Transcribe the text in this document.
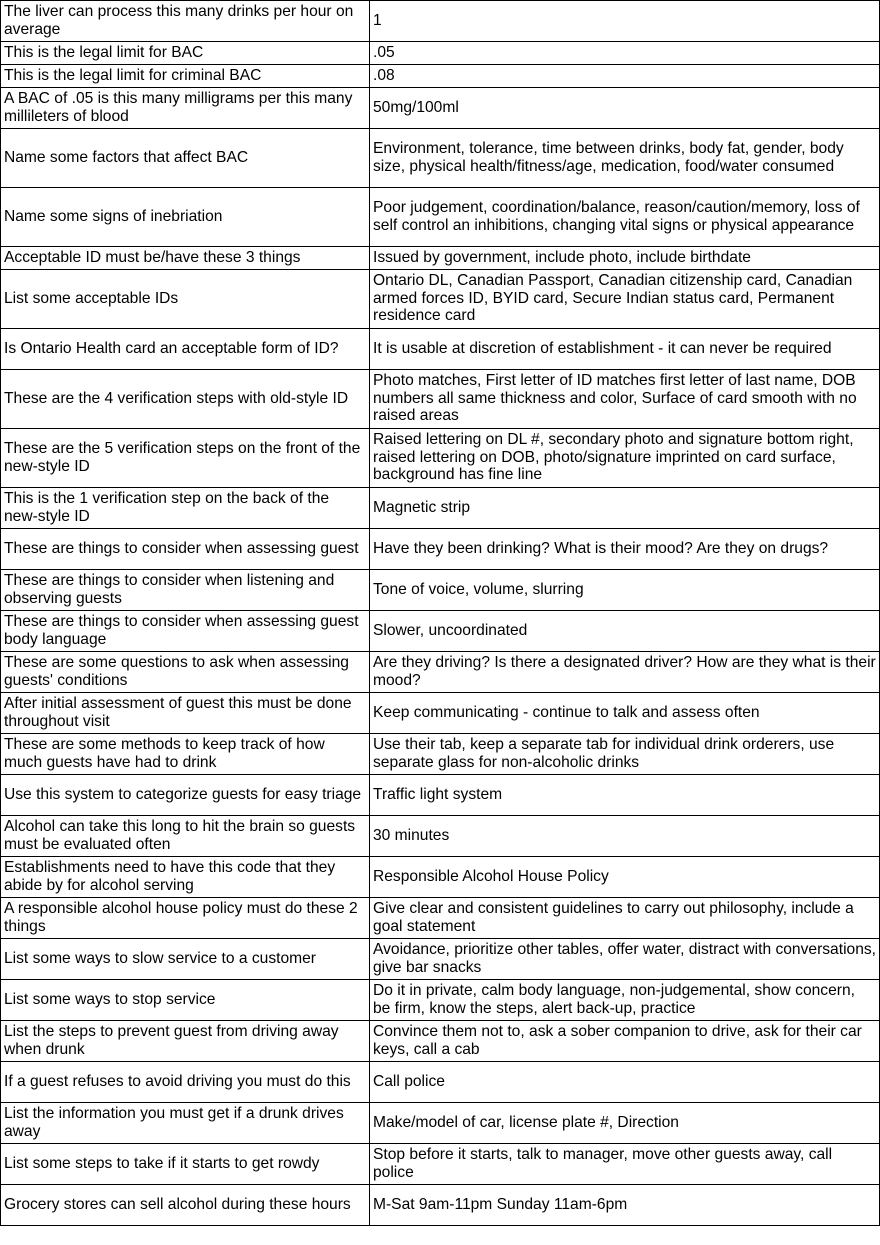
The liver can process this many drinks per hour on average	1
This is the legal limit for BAC	.05
This is the legal limit for criminal BAC	.08
A BAC of .05 is this many milligrams per this many millileters of blood	50mg/100ml
Name some factors that affect BAC	Environment, tolerance, time between drinks, body fat, gender, body size, physical health/fitness/age, medication, food/water consumed
Name some signs of inebriation	Poor judgement, coordination/balance, reason/caution/memory, loss of self control an inhibitions, changing vital signs or physical appearance
Acceptable ID must be/have these 3 things	Issued by government, include photo, include birthdate
List some acceptable IDs	Ontario DL, Canadian Passport, Canadian citizenship card, Canadian armed forces ID, BYID card, Secure Indian status card, Permanent residence card
Is Ontario Health card an acceptable form of ID?	It is usable at discretion of establishment - it can never be required
These are the 4 verification steps with old-style ID	Photo matches, First letter of ID matches first letter of last name, DOB numbers all same thickness and color, Surface of card smooth with no raised areas
These are the 5 verification steps on the front of the new-style ID	Raised lettering on DL #, secondary photo and signature bottom right, raised lettering on DOB, photo/signature imprinted on card surface, background has fine line
This is the 1 verification step on the back of the new-style ID	Magnetic strip
These are things to consider when assessing guest	Have they been drinking? What is their mood? Are they on drugs?
These are things to consider when listening and observing guests	Tone of voice, volume, slurring
These are things to consider when assessing guest body language	Slower, uncoordinated
These are some questions to ask when assessing guests' conditions	Are they driving? Is there a designated driver? How are they what is their mood?
After initial assessment of guest this must be done throughout visit	Keep communicating - continue to talk and assess often
These are some methods to keep track of how much guests have had to drink	Use their tab, keep a separate tab for individual drink orderers, use separate glass for non-alcoholic drinks
Use this system to categorize guests for easy triage	Traffic light system
Alcohol can take this long to hit the brain so guests must be evaluated often	30 minutes
Establishments need to have this code that they abide by for alcohol serving	Responsible Alcohol House Policy
A responsible alcohol house policy must do these 2 things	Give clear and consistent guidelines to carry out philosophy, include a goal statement
List some ways to slow service to a customer	Avoidance, prioritize other tables, offer water, distract with conversations, give bar snacks
List some ways to stop service	Do it in private, calm body language, non-judgemental, show concern, be firm, know the steps, alert back-up, practice
List the steps to prevent guest from driving away when drunk	Convince them not to, ask a sober companion to drive, ask for their car keys, call a cab
If a guest refuses to avoid driving you must do this	Call police
List the information you must get if a drunk drives away	Make/model of car, license plate #, Direction
List some steps to take if it starts to get rowdy	Stop before it starts, talk to manager, move other guests away, call police
Grocery stores can sell alcohol during these hours	M-Sat 9am-11pm Sunday 11am-6pm
